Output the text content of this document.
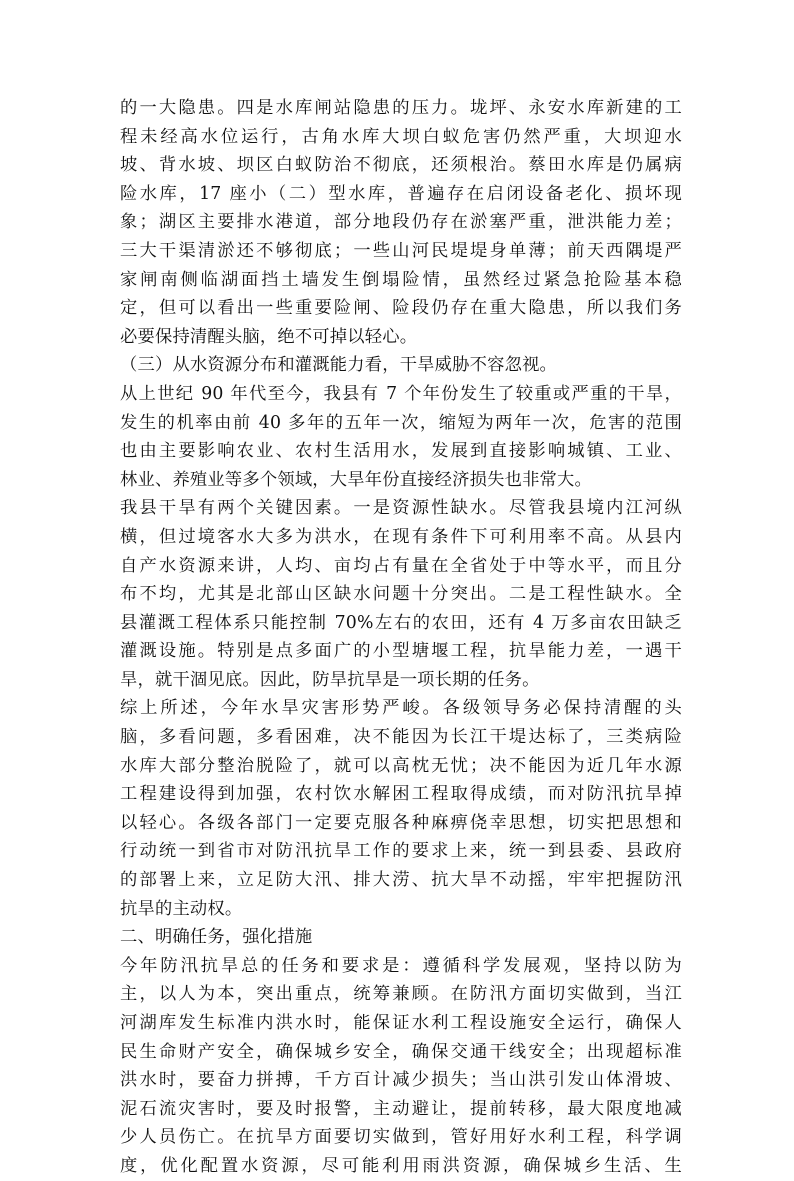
的一大隐患。四是水库闸站隐患的压力。垅坪、永安水库新建的工
程未经高水位运行，古角水库大坝白蚁危害仍然严重，大坝迎水
坡、背水坡、坝区白蚁防治不彻底，还须根治。蔡田水库是仍属病
险水库，17 座小（二）型水库，普遍存在启闭设备老化、损坏现
象；湖区主要排水港道，部分地段仍存在淤塞严重，泄洪能力差；
三大干渠清淤还不够彻底；一些山河民堤堤身单薄；前天西隅堤严
家闸南侧临湖面挡土墙发生倒塌险情，虽然经过紧急抢险基本稳
定，但可以看出一些重要险闸、险段仍存在重大隐患，所以我们务
必要保持清醒头脑，绝不可掉以轻心。
（三）从水资源分布和灌溉能力看，干旱威胁不容忽视。
从上世纪 90 年代至今，我县有 7 个年份发生了较重或严重的干旱，
发生的机率由前 40 多年的五年一次，缩短为两年一次，危害的范围
也由主要影响农业、农村生活用水，发展到直接影响城镇、工业、
林业、养殖业等多个领域，大旱年份直接经济损失也非常大。
我县干旱有两个关键因素。一是资源性缺水。尽管我县境内江河纵
横，但过境客水大多为洪水，在现有条件下可利用率不高。从县内
自产水资源来讲，人均、亩均占有量在全省处于中等水平，而且分
布不均，尤其是北部山区缺水问题十分突出。二是工程性缺水。全
县灌溉工程体系只能控制 70%左右的农田，还有 4 万多亩农田缺乏
灌溉设施。特别是点多面广的小型塘堰工程，抗旱能力差，一遇干
旱，就干涸见底。因此，防旱抗旱是一项长期的任务。
综上所述，今年水旱灾害形势严峻。各级领导务必保持清醒的头
脑，多看问题，多看困难，决不能因为长江干堤达标了，三类病险
水库大部分整治脱险了，就可以高枕无忧；决不能因为近几年水源
工程建设得到加强，农村饮水解困工程取得成绩，而对防汛抗旱掉
以轻心。各级各部门一定要克服各种麻痹侥幸思想，切实把思想和
行动统一到省市对防汛抗旱工作的要求上来，统一到县委、县政府
的部署上来，立足防大汛、排大涝、抗大旱不动摇，牢牢把握防汛
抗旱的主动权。
二、明确任务，强化措施
今年防汛抗旱总的任务和要求是：遵循科学发展观，坚持以防为
主，以人为本，突出重点，统筹兼顾。在防汛方面切实做到，当江
河湖库发生标准内洪水时，能保证水利工程设施安全运行，确保人
民生命财产安全，确保城乡安全，确保交通干线安全；出现超标准
洪水时，要奋力拼搏，千方百计减少损失；当山洪引发山体滑坡、
泥石流灾害时，要及时报警，主动避让，提前转移，最大限度地减
少人员伤亡。在抗旱方面要切实做到，管好用好水利工程，科学调
度，优化配置水资源，尽可能利用雨洪资源，确保城乡生活、生
